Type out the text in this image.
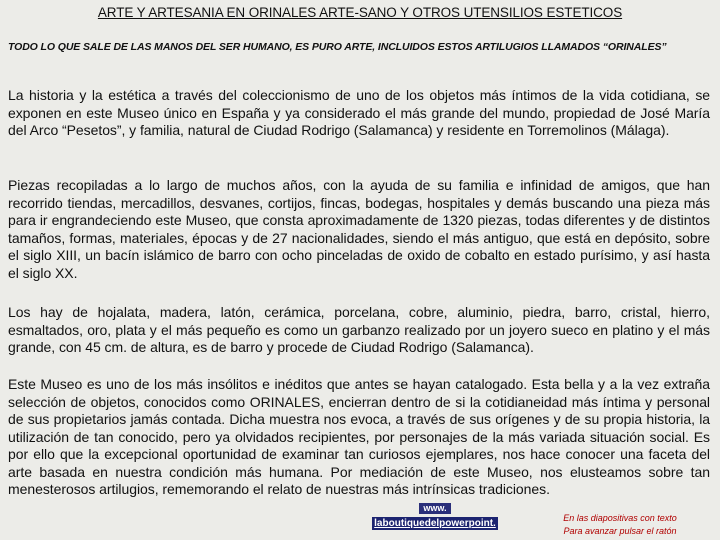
ARTE Y ARTESANIA EN ORINALES ARTE-SANO Y OTROS UTENSILIOS ESTETICOS
TODO LO QUE SALE DE LAS MANOS DEL SER HUMANO, ES PURO ARTE, INCLUIDOS ESTOS ARTILUGIOS LLAMADOS “ORINALES”
La historia y la estética a través del coleccionismo de uno de los objetos más íntimos de la vida cotidiana, se exponen en este Museo único en España y ya considerado el más grande del mundo, propiedad de José María del Arco “Pesetos”, y familia, natural de Ciudad Rodrigo (Salamanca) y residente en Torremolinos (Málaga).
Piezas recopiladas a lo largo de muchos años, con la ayuda de su familia e infinidad de amigos, que han recorrido tiendas, mercadillos, desvanes, cortijos, fincas, bodegas, hospitales y demás buscando una pieza más para ir engrandeciendo este Museo, que consta aproximadamente de 1320 piezas, todas diferentes y de distintos tamaños, formas, materiales, épocas y de 27 nacionalidades, siendo el más antiguo, que está en depósito, sobre el siglo XIII, un bacín islámico de barro con ocho pinceladas de oxido de cobalto en estado purísimo, y así hasta el siglo XX.
Los hay de hojalata, madera, latón, cerámica, porcelana, cobre, aluminio, piedra, barro, cristal, hierro, esmaltados, oro, plata y el más pequeño es como un garbanzo realizado por un joyero sueco en platino y el más grande, con 45 cm. de altura, es de barro y procede de Ciudad Rodrigo (Salamanca).
Este Museo es uno de los más insólitos e inéditos que antes se hayan catalogado. Esta bella y a la vez extraña selección de objetos, conocidos como ORINALES, encierran dentro de si la cotidianeidad más íntima y personal de sus propietarios jamás contada. Dicha muestra nos evoca, a través de sus orígenes y de su propia historia, la utilización de tan conocido, pero ya olvidados recipientes, por personajes de la más variada situación social. Es por ello que la excepcional oportunidad de examinar tan curiosos ejemplares, nos hace conocer una faceta del arte basada en nuestra condición más humana. Por mediación de este Museo, nos elusteamos sobre tan menesterosos artilugios, rememorando el relato de nuestras más intrínsicas tradiciones.
www.
laboutiquedelpowerpoint.	En las diapositivas con texto
Para avanzar pulsar el ratón
